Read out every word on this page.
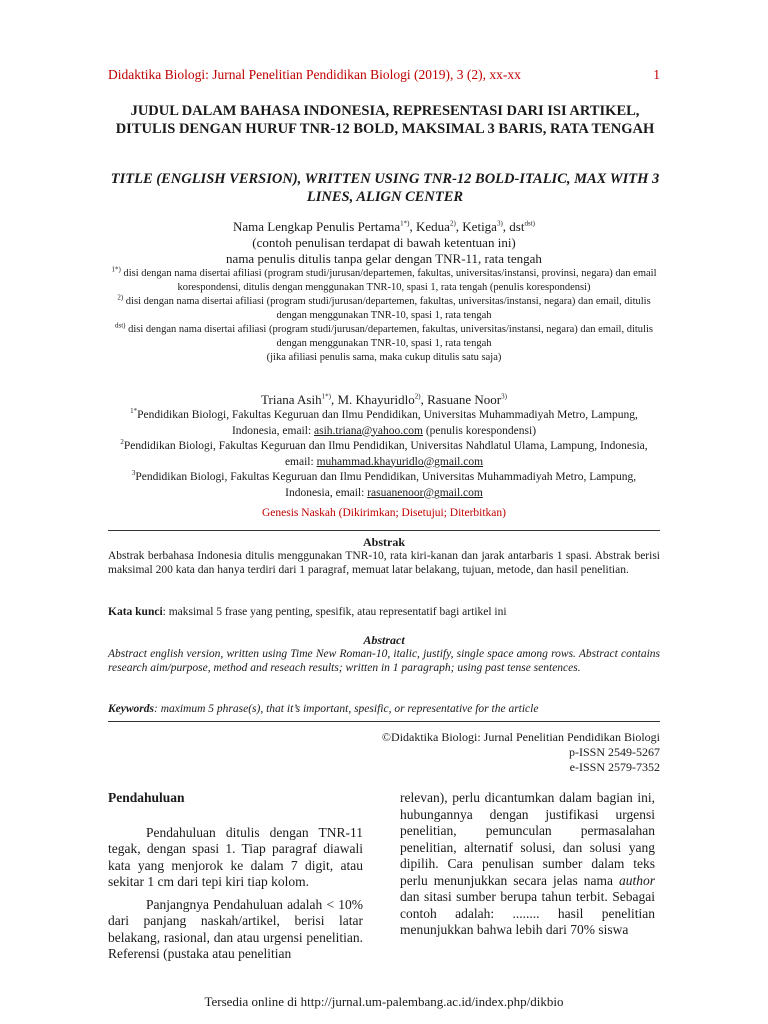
Didaktika Biologi: Jurnal Penelitian Pendidikan Biologi (2019), 3 (2), xx-xx	1
JUDUL DALAM BAHASA INDONESIA, REPRESENTASI DARI ISI ARTIKEL, DITULIS DENGAN HURUF TNR-12 BOLD, MAKSIMAL 3 BARIS, RATA TENGAH
TITLE (ENGLISH VERSION), WRITTEN USING TNR-12 BOLD-ITALIC, MAX WITH 3 LINES, ALIGN CENTER
Nama Lengkap Penulis Pertama$^{1*)}$, Kedua$^{2)}$, Ketiga$^{3)}$, dst$^{dst)}$
(contoh penulisan terdapat di bawah ketentuan ini)
nama penulis ditulis tanpa gelar dengan TNR-11, rata tengah

$^{1*)}$ disi dengan nama disertai afiliasi (program studi/jurusan/departemen, fakultas, universitas/instansi, provinsi, negara) dan email korespondensi, ditulis dengan menggunakan TNR-10, spasi 1, rata tengah (penulis korespondensi)

$^{2)}$ disi dengan nama disertai afiliasi (program studi/jurusan/departemen, fakultas, universitas/instansi, negara) dan email, ditulis dengan menggunakan TNR-10, spasi 1, rata tengah

$^{dst)}$ disi dengan nama disertai afiliasi (program studi/jurusan/departemen, fakultas, universitas/instansi, negara) dan email, ditulis dengan menggunakan TNR-10, spasi 1, rata tengah

(jika afiliasi penulis sama, maka cukup ditulis satu saja)

Triana Asih$^{1*)}$, M. Khayuridlo$^{2)}$, Rasuane Noor$^{3)}$

$^{1*}$Pendidikan Biologi, Fakultas Keguruan dan Ilmu Pendidikan, Universitas Muhammadiyah Metro, Lampung, Indonesia, email: asih.triana@yahoo.com (penulis korespondensi)

$^2$Pendidikan Biologi, Fakultas Keguruan dan Ilmu Pendidikan, Universitas Nahdlatul Ulama, Lampung, Indonesia, email: muhammad.khayuridlo@gmail.com

$^3$Pendidikan Biologi, Fakultas Keguruan dan Ilmu Pendidikan, Universitas Muhammadiyah Metro, Lampung, Indonesia, email: rasuanenoor@gmail.com

Genesis Naskah (Dikirimkan; Disetujui; Diterbitkan)
Abstrak
Abstrak berbahasa Indonesia ditulis menggunakan TNR-10, rata kiri-kanan dan jarak antarbaris 1 spasi. Abstrak berisi maksimal 200 kata dan hanya terdiri dari 1 paragraf, memuat latar belakang, tujuan, metode, dan hasil penelitian.
Kata kunci: maksimal 5 frase yang penting, spesifik, atau representatif bagi artikel ini
Abstract
Abstract english version, written using Time New Roman-10, italic, justify, single space among rows. Abstract contains research aim/purpose, method and reseach results; written in 1 paragraph; using past tense sentences.
Keywords: maximum 5 phrase(s), that it’s important, spesific, or representative for the article

©Didaktika Biologi: Jurnal Penelitian Pendidikan Biologi

p-ISSN 2549-5267

e-ISSN 2579-7352

Pendahuluan

Pendahuluan ditulis dengan TNR-11 tegak, dengan spasi 1. Tiap paragraf diawali kata yang menjorok ke dalam 7 digit, atau sekitar 1 cm dari tepi kiri tiap kolom.

Panjangnya Pendahuluan adalah < 10% dari panjang naskah/artikel, berisi latar belakang, rasional, dan atau urgensi penelitian. Referensi (pustaka atau penelitian

relevan), perlu dicantumkan dalam bagian ini, hubungannya dengan justifikasi urgensi penelitian, pemunculan permasalahan penelitian, alternatif solusi, dan solusi yang dipilih. Cara penulisan sumber dalam teks perlu menunjukkan secara jelas nama author dan sitasi sumber berupa tahun terbit. Sebagai contoh adalah: ........ hasil penelitian menunjukkan bahwa lebih dari 70% siswa

Tersedia online di http://jurnal.um-palembang.ac.id/index.php/dikbio
